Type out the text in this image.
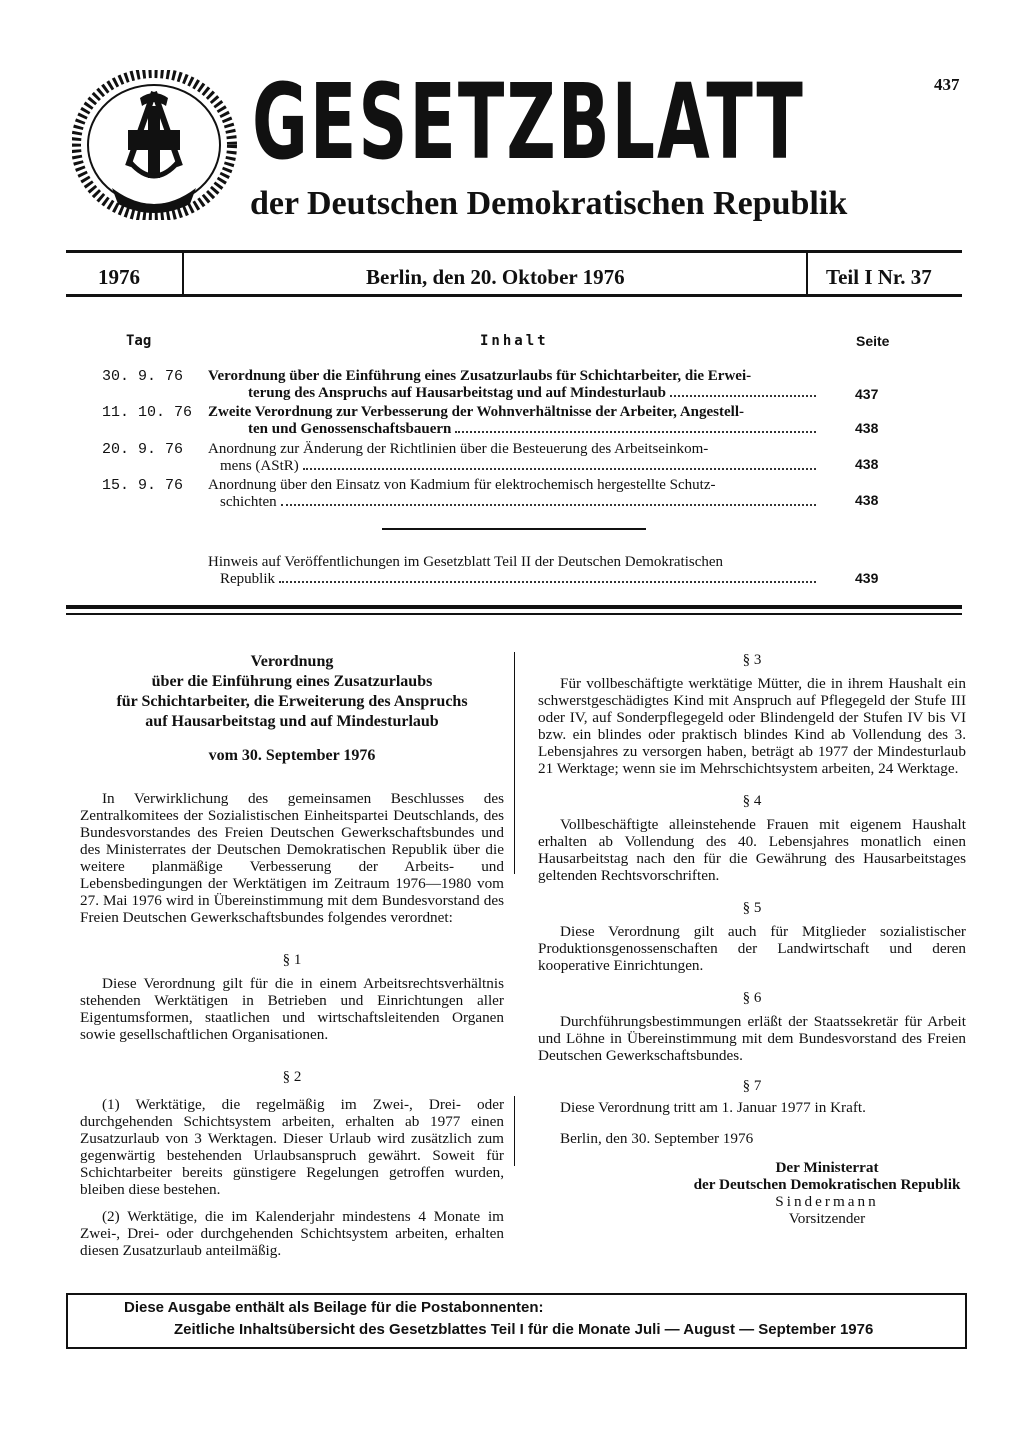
GESETZBLATT
der Deutschen Demokratischen Republik
437
1976	Berlin, den 20. Oktober 1976	Teil I Nr. 37
Tag	Inhalt	Seite
30. 9. 76 Verordnung über die Einführung eines Zusatzurlaubs für Schichtarbeiter, die Erwei-
terung des Anspruchs auf Hausarbeitstag und auf Mindesturlaub	437
11. 10. 76 Zweite Verordnung zur Verbesserung der Wohnverhältnisse der Arbeiter, Angestell-
ten und Genossenschaftsbauern	438
20. 9. 76 Anordnung zur Änderung der Richtlinien über die Besteuerung des Arbeitseinkom-
mens (AStR)	438
15. 9. 76 Anordnung über den Einsatz von Kadmium für elektrochemisch hergestellte Schutz-
schichten	438
Hinweis auf Veröffentlichungen im Gesetzblatt Teil II der Deutschen Demokratischen
Republik	439
Verordnung
über die Einführung eines Zusatzurlaubs
für Schichtarbeiter, die Erweiterung des Anspruchs
auf Hausarbeitstag und auf Mindesturlaub
vom 30. September 1976

In Verwirklichung des gemeinsamen Beschlusses des Zentralkomitees der Sozialistischen Einheitspartei Deutschlands, des Bundesvorstandes des Freien Deutschen Gewerkschaftsbundes und des Ministerrates der Deutschen Demokratischen Republik über die weitere planmäßige Verbesserung der Arbeits- und Lebensbedingungen der Werktätigen im Zeitraum 1976—1980 vom 27. Mai 1976 wird in Übereinstimmung mit dem Bundesvorstand des Freien Deutschen Gewerkschaftsbundes folgendes verordnet:

§ 1

Diese Verordnung gilt für die in einem Arbeitsrechtsverhältnis stehenden Werktätigen in Betrieben und Einrichtungen aller Eigentumsformen, staatlichen und wirtschaftsleitenden Organen sowie gesellschaftlichen Organisationen.

§ 2

(1) Werktätige, die regelmäßig im Zwei-, Drei- oder durchgehenden Schichtsystem arbeiten, erhalten ab 1977 einen Zusatzurlaub von 3 Werktagen. Dieser Urlaub wird zusätzlich zum gegenwärtig bestehenden Urlaubsanspruch gewährt. Soweit für Schichtarbeiter bereits günstigere Regelungen getroffen wurden, bleiben diese bestehen.

(2) Werktätige, die im Kalenderjahr mindestens 4 Monate im Zwei-, Drei- oder durchgehenden Schichtsystem arbeiten, erhalten diesen Zusatzurlaub anteilmäßig.

§ 3

Für vollbeschäftigte werktätige Mütter, die in ihrem Haushalt ein schwerstgeschädigtes Kind mit Anspruch auf Pflegegeld der Stufe III oder IV, auf Sonderpflegegeld oder Blindengeld der Stufen IV bis VI bzw. ein blindes oder praktisch blindes Kind ab Vollendung des 3. Lebensjahres zu versorgen haben, beträgt ab 1977 der Mindesturlaub 21 Werktage; wenn sie im Mehrschichtsystem arbeiten, 24 Werktage.

§ 4

Vollbeschäftigte alleinstehende Frauen mit eigenem Haushalt erhalten ab Vollendung des 40. Lebensjahres monatlich einen Hausarbeitstag nach den für die Gewährung des Hausarbeitstages geltenden Rechtsvorschriften.

§ 5

Diese Verordnung gilt auch für Mitglieder sozialistischer Produktionsgenossenschaften der Landwirtschaft und deren kooperative Einrichtungen.

§ 6

Durchführungsbestimmungen erläßt der Staatssekretär für Arbeit und Löhne in Übereinstimmung mit dem Bundesvorstand des Freien Deutschen Gewerkschaftsbundes.

§ 7

Diese Verordnung tritt am 1. Januar 1977 in Kraft.

Berlin, den 30. September 1976

Der Ministerrat
der Deutschen Demokratischen Republik
Sindermann
Vorsitzender
Diese Ausgabe enthält als Beilage für die Postabonnenten:
Zeitliche Inhaltsübersicht des Gesetzblattes Teil I für die Monate Juli — August — September 1976
